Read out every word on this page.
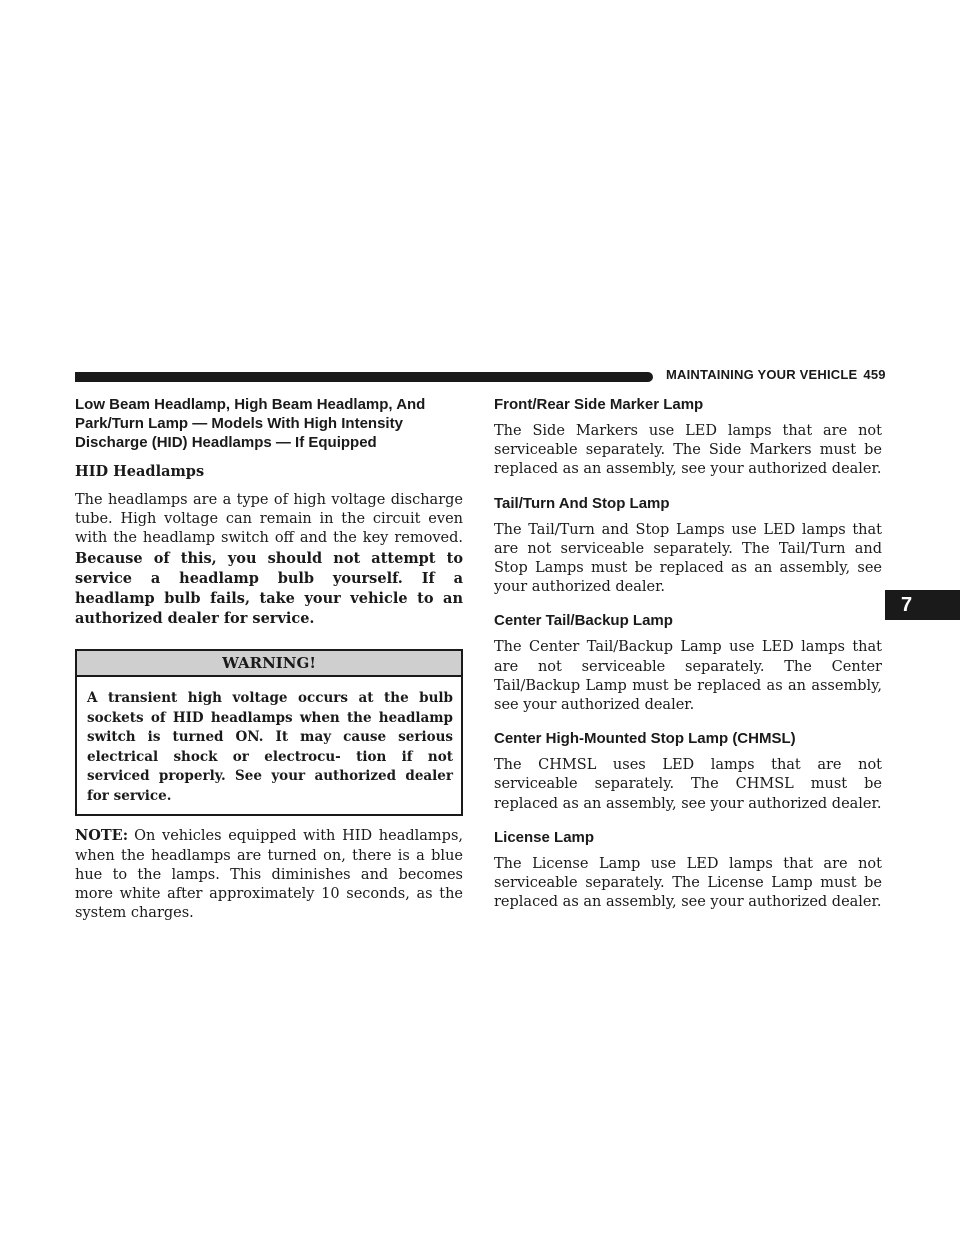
MAINTAINING YOUR VEHICLE 459
7
Low Beam Headlamp, High Beam Headlamp, And Park/Turn Lamp — Models With High Intensity Discharge (HID) Headlamps — If Equipped
HID Headlamps

The headlamps are a type of high voltage discharge tube. High voltage can remain in the circuit even with the headlamp switch off and the key removed. Because of this, you should not attempt to service a headlamp bulb yourself. If a headlamp bulb fails, take your vehicle to an authorized dealer for service.

WARNING!
A transient high voltage occurs at the bulb sockets of HID headlamps when the headlamp switch is turned ON. It may cause serious electrical shock or electrocu- tion if not serviced properly. See your authorized dealer for service.

NOTE: On vehicles equipped with HID headlamps, when the headlamps are turned on, there is a blue hue to the lamps. This diminishes and becomes more white after approximately 10 seconds, as the system charges.

Front/Rear Side Marker Lamp

The Side Markers use LED lamps that are not serviceable separately. The Side Markers must be replaced as an assembly, see your authorized dealer.

Tail/Turn And Stop Lamp

The Tail/Turn and Stop Lamps use LED lamps that are not serviceable separately. The Tail/Turn and Stop Lamps must be replaced as an assembly, see your authorized dealer.

Center Tail/Backup Lamp

The Center Tail/Backup Lamp use LED lamps that are not serviceable separately. The Center Tail/Backup Lamp must be replaced as an assembly, see your authorized dealer.

Center High-Mounted Stop Lamp (CHMSL)

The CHMSL uses LED lamps that are not serviceable separately. The CHMSL must be replaced as an assembly, see your authorized dealer.

License Lamp

The License Lamp use LED lamps that are not serviceable separately. The License Lamp must be replaced as an assembly, see your authorized dealer.
